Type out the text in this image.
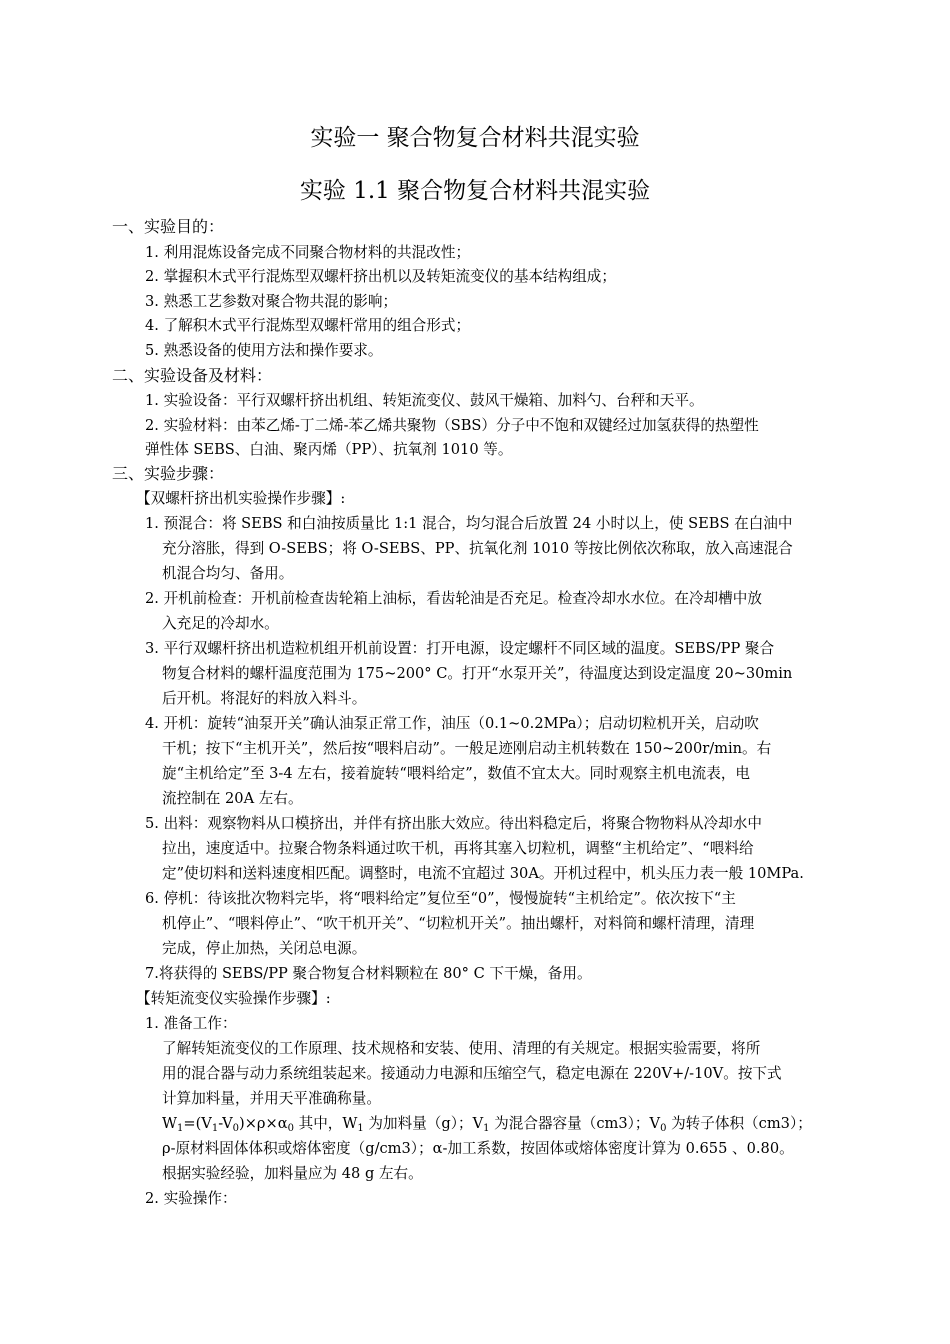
实验一 聚合物复合材料共混实验
实验 1.1 聚合物复合材料共混实验
一、实验目的：
1. 利用混炼设备完成不同聚合物材料的共混改性；
2. 掌握积木式平行混炼型双螺杆挤出机以及转矩流变仪的基本结构组成；
3. 熟悉工艺参数对聚合物共混的影响；
4. 了解积木式平行混炼型双螺杆常用的组合形式；
5. 熟悉设备的使用方法和操作要求。
二、实验设备及材料：
1. 实验设备：平行双螺杆挤出机组、转矩流变仪、鼓风干燥箱、加料勺、台秤和天平。
2. 实验材料：由苯乙烯-丁二烯-苯乙烯共聚物（SBS）分子中不饱和双键经过加氢获得的热塑性
弹性体 SEBS、白油、聚丙烯（PP）、抗氧剂 1010 等。
三、实验步骤：
【双螺杆挤出机实验操作步骤】:
1. 预混合：将 SEBS 和白油按质量比 1:1 混合，均匀混合后放置 24 小时以上，使 SEBS 在白油中
充分溶胀，得到 O-SEBS；将 O-SEBS、PP、抗氧化剂 1010 等按比例依次称取，放入高速混合
机混合均匀、备用。
2. 开机前检查：开机前检查齿轮箱上油标，看齿轮油是否充足。检查冷却水水位。在冷却槽中放
入充足的冷却水。
3. 平行双螺杆挤出机造粒机组开机前设置：打开电源，设定螺杆不同区域的温度。SEBS/PP 聚合
物复合材料的螺杆温度范围为 175~200° C。打开“水泵开关”，待温度达到设定温度 20~30min
后开机。将混好的料放入料斗。
4. 开机：旋转“油泵开关”确认油泵正常工作，油压（0.1~0.2MPa）；启动切粒机开关，启动吹
干机；按下“主机开关”，然后按“喂料启动”。一般足迹刚启动主机转数在 150~200r/min。右
旋“主机给定”至 3-4 左右，接着旋转“喂料给定”，数值不宜太大。同时观察主机电流表，电
流控制在 20A 左右。
5. 出料：观察物料从口模挤出，并伴有挤出胀大效应。待出料稳定后，将聚合物物料从冷却水中
拉出，速度适中。拉聚合物条料通过吹干机，再将其塞入切粒机，调整“主机给定”、“喂料给
定”使切料和送料速度相匹配。调整时，电流不宜超过 30A。开机过程中，机头压力表一般 10MPa.
6. 停机：待该批次物料完毕，将“喂料给定”复位至“0”，慢慢旋转“主机给定”。依次按下“主
机停止”、“喂料停止”、“吹干机开关”、“切粒机开关”。抽出螺杆，对料筒和螺杆清理，清理
完成，停止加热，关闭总电源。
7.将获得的 SEBS/PP 聚合物复合材料颗粒在 80° C 下干燥，备用。
【转矩流变仪实验操作步骤】:
1. 准备工作：
了解转矩流变仪的工作原理、技术规格和安装、使用、清理的有关规定。根据实验需要，将所
用的混合器与动力系统组装起来。接通动力电源和压缩空气，稳定电源在 220V+/-10V。按下式
计算加料量，并用天平准确称量。
$W_1=(V_1-V_0)\times\rho\times\alpha_0$ 其中，$W_1$ 为加料量（g）；$V_1$ 为混合器容量（cm3）；$V_0$ 为转子体积（cm3）；
ρ-原材料固体体积或熔体密度（g/cm3）；α-加工系数，按固体或熔体密度计算为 0.655 、0.80。
根据实验经验，加料量应为 48 g 左右。
2. 实验操作：
